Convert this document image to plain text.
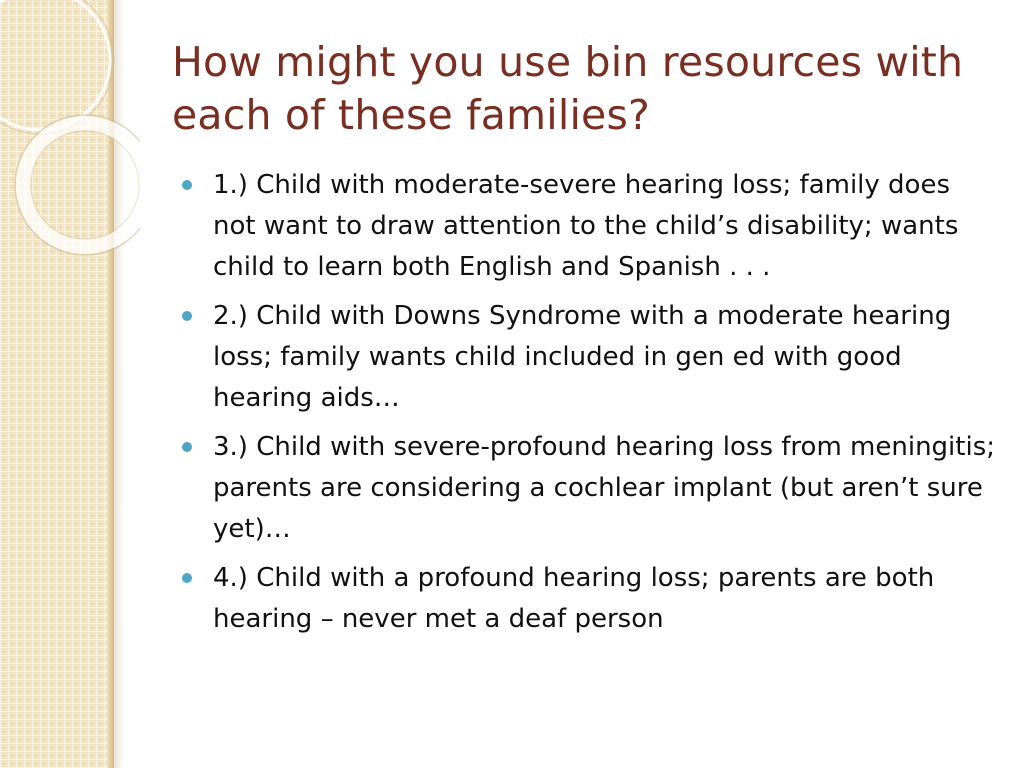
How might you use bin resources with each of these families?
1.) Child with moderate-severe hearing loss; family does not want to draw attention to the child’s disability; wants child to learn both English and Spanish . . .
2.) Child with Downs Syndrome with a moderate hearing loss; family wants child included in gen ed with good hearing aids…
3.) Child with severe-profound hearing loss from meningitis; parents are considering a cochlear implant (but aren’t sure yet)…
4.) Child with a profound hearing loss; parents are both hearing – never met a deaf person
